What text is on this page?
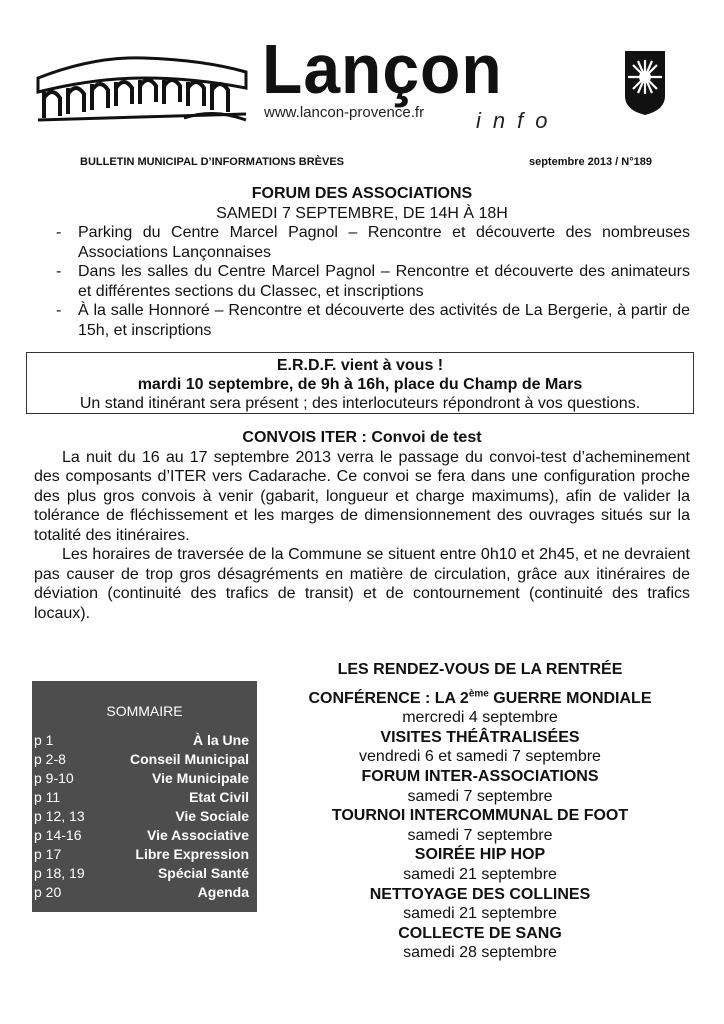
Lançon
www.lancon-provence.fr info
BULLETIN MUNICIPAL D’INFORMATIONS BRÈVES	septembre 2013 / N°189
FORUM DES ASSOCIATIONS
SAMEDI 7 SEPTEMBRE, DE 14H À 18H
- Parking du Centre Marcel Pagnol – Rencontre et découverte des nombreuses Associations Lançonnaises
- Dans les salles du Centre Marcel Pagnol – Rencontre et découverte des animateurs et différentes sections du Classec, et inscriptions
- À la salle Honnoré – Rencontre et découverte des activités de La Bergerie, à partir de 15h, et inscriptions
E.R.D.F. vient à vous !
mardi 10 septembre, de 9h à 16h, place du Champ de Mars
Un stand itinérant sera présent ; des interlocuteurs répondront à vos questions.
CONVOIS ITER : Convoi de test

La nuit du 16 au 17 septembre 2013 verra le passage du convoi-test d’acheminement des composants d’ITER vers Cadarache. Ce convoi se fera dans une configuration proche des plus gros convois à venir (gabarit, longueur et charge maximums), afin de valider la tolérance de fléchissement et les marges de dimensionnement des ouvrages situés sur la totalité des itinéraires.

Les horaires de traversée de la Commune se situent entre 0h10 et 2h45, et ne devraient pas causer de trop gros désagréments en matière de circulation, grâce aux itinéraires de déviation (continuité des trafics de transit) et de contournement (continuité des trafics locaux).

SOMMAIRE
p 1	À la Une
p 2-8	Conseil Municipal
p 9-10	Vie Municipale
p 11	Etat Civil
p 12, 13	Vie Sociale
p 14-16	Vie Associative
p 17	Libre Expression
p 18, 19	Spécial Santé
p 20	Agenda
LES RENDEZ-VOUS DE LA RENTRÉE
CONFÉRENCE : LA 2ème GUERRE MONDIALE
mercredi 4 septembre
VISITES THÉÂTRALISÉES
vendredi 6 et samedi 7 septembre
FORUM INTER-ASSOCIATIONS
samedi 7 septembre
TOURNOI INTERCOMMUNAL DE FOOT
samedi 7 septembre
SOIRÉE HIP HOP
samedi 21 septembre
NETTOYAGE DES COLLINES
samedi 21 septembre
COLLECTE DE SANG
samedi 28 septembre
